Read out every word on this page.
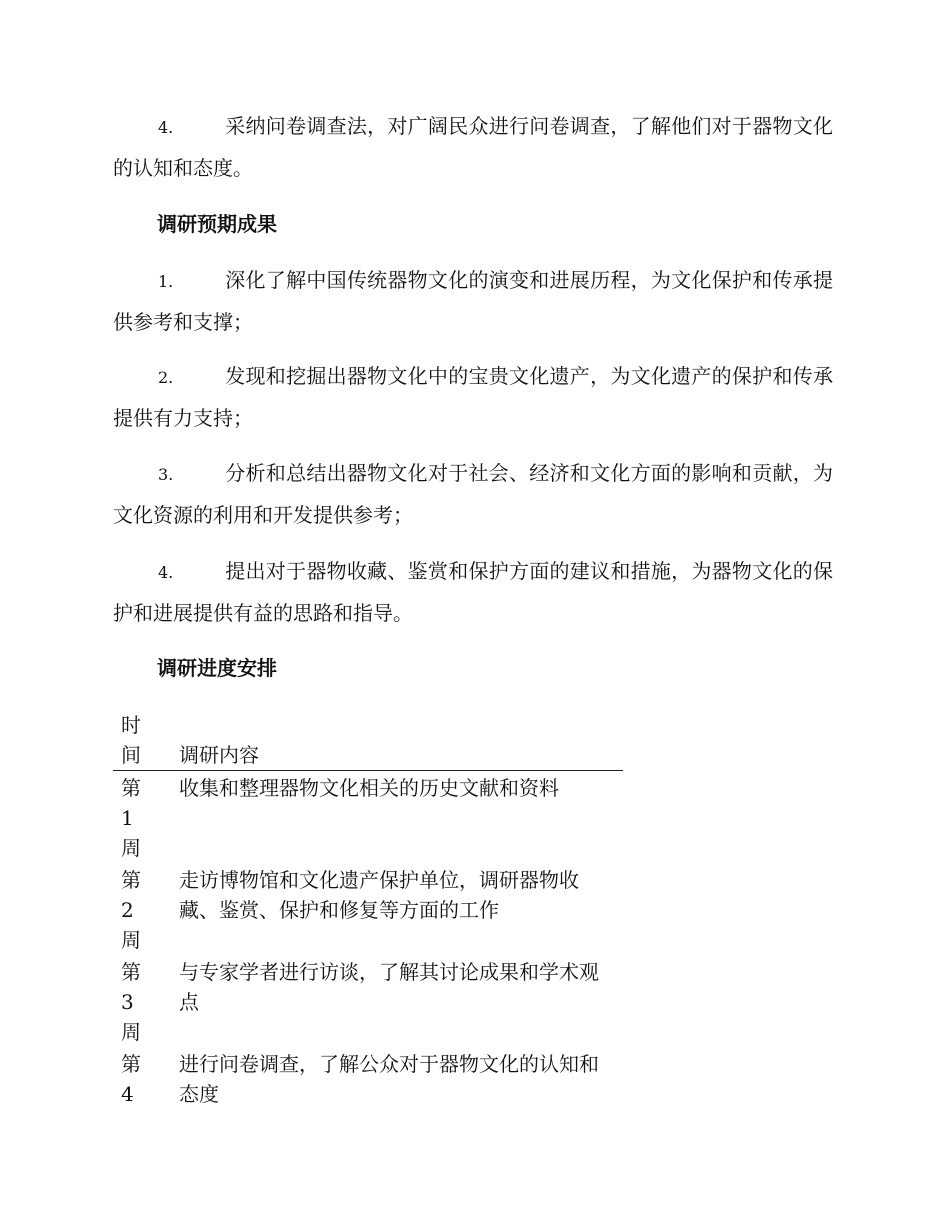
4.	采纳问卷调查法，对广阔民众进行问卷调查，了解他们对于器物文化的认知和态度。

调研预期成果

1.	深化了解中国传统器物文化的演变和进展历程，为文化保护和传承提供参考和支撑；

2.	发现和挖掘出器物文化中的宝贵文化遗产，为文化遗产的保护和传承提供有力支持；

3.	分析和总结出器物文化对于社会、经济和文化方面的影响和贡献，为文化资源的利用和开发提供参考；

4.	提出对于器物收藏、鉴赏和保护方面的建议和措施，为器物文化的保护和进展提供有益的思路和指导。

调研进度安排
时
间	调研内容

第
1
周	收集和整理器物文化相关的历史文献和资料

第
2
周	走访博物馆和文化遗产保护单位，调研器物收藏、鉴赏、保护和修复等方面的工作

第
3
周	与专家学者进行访谈，了解其讨论成果和学术观点

第
4	进行问卷调查，了解公众对于器物文化的认知和态度
